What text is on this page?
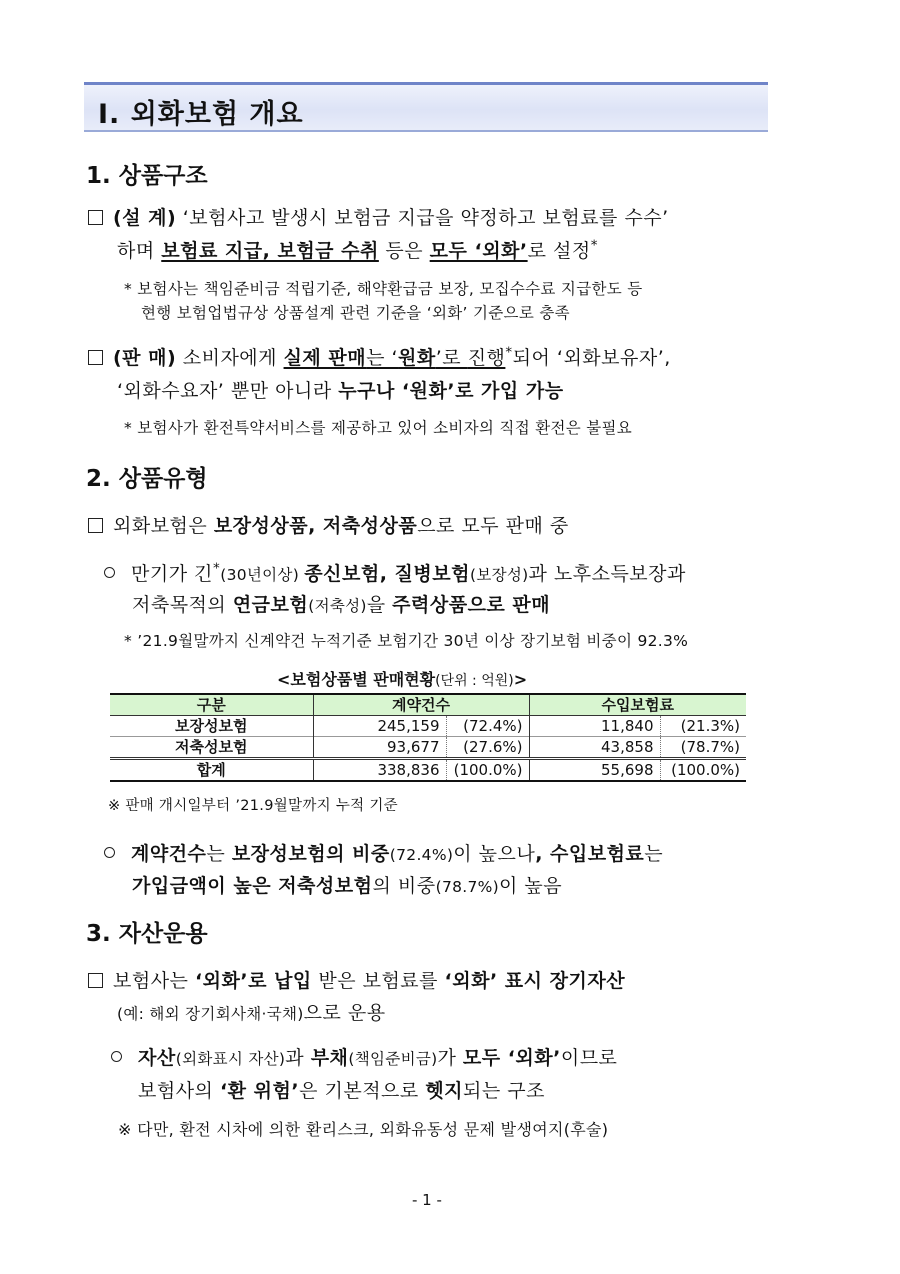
Ⅰ. 외화보험 개요
1. 상품구조
(설 계) ‘보험사고 발생시 보험금 지급을 약정하고 보험료를 수수’
하며 보험료 지급, 보험금 수취 등은 모두 ‘외화’로 설정*
* 보험사는 책임준비금 적립기준, 해약환급금 보장, 모집수수료 지급한도 등
현행 보험업법규상 상품설계 관련 기준을 ‘외화’ 기준으로 충족
(판 매) 소비자에게 실제 판매는 ‘원화’로 진행*되어 ‘외화보유자’,
‘외화수요자’ 뿐만 아니라 누구나 ‘원화’로 가입 가능
* 보험사가 환전특약서비스를 제공하고 있어 소비자의 직접 환전은 불필요
2. 상품유형
외화보험은 보장성상품, 저축성상품으로 모두 판매 중
만기가 긴*(30년이상) 종신보험, 질병보험(보장성)과 노후소득보장과
저축목적의 연금보험(저축성)을 주력상품으로 판매
* ’21.9월말까지 신계약건 누적기준 보험기간 30년 이상 장기보험 비중이 92.3%
<보험상품별 판매현황(단위 : 억원)>
구분	계약건수		수입보험료	
보장성보험	245,159	(72.4%)	11,840	(21.3%)
저축성보험	93,677	(27.6%)	43,858	(78.7%)
합계	338,836	(100.0%)	55,698	(100.0%)
※ 판매 개시일부터 ’21.9월말까지 누적 기준
계약건수는 보장성보험의 비중(72.4%)이 높으나, 수입보험료는
가입금액이 높은 저축성보험의 비중(78.7%)이 높음
3. 자산운용
보험사는 ‘외화’로 납입 받은 보험료를 ‘외화’ 표시 장기자산
(예: 해외 장기회사채·국채)으로 운용
자산(외화표시 자산)과 부채(책임준비금)가 모두 ‘외화’이므로
보험사의 ‘환 위험’은 기본적으로 헷지되는 구조
※ 다만, 환전 시차에 의한 환리스크, 외화유동성 문제 발생여지(후술)
- 1 -
